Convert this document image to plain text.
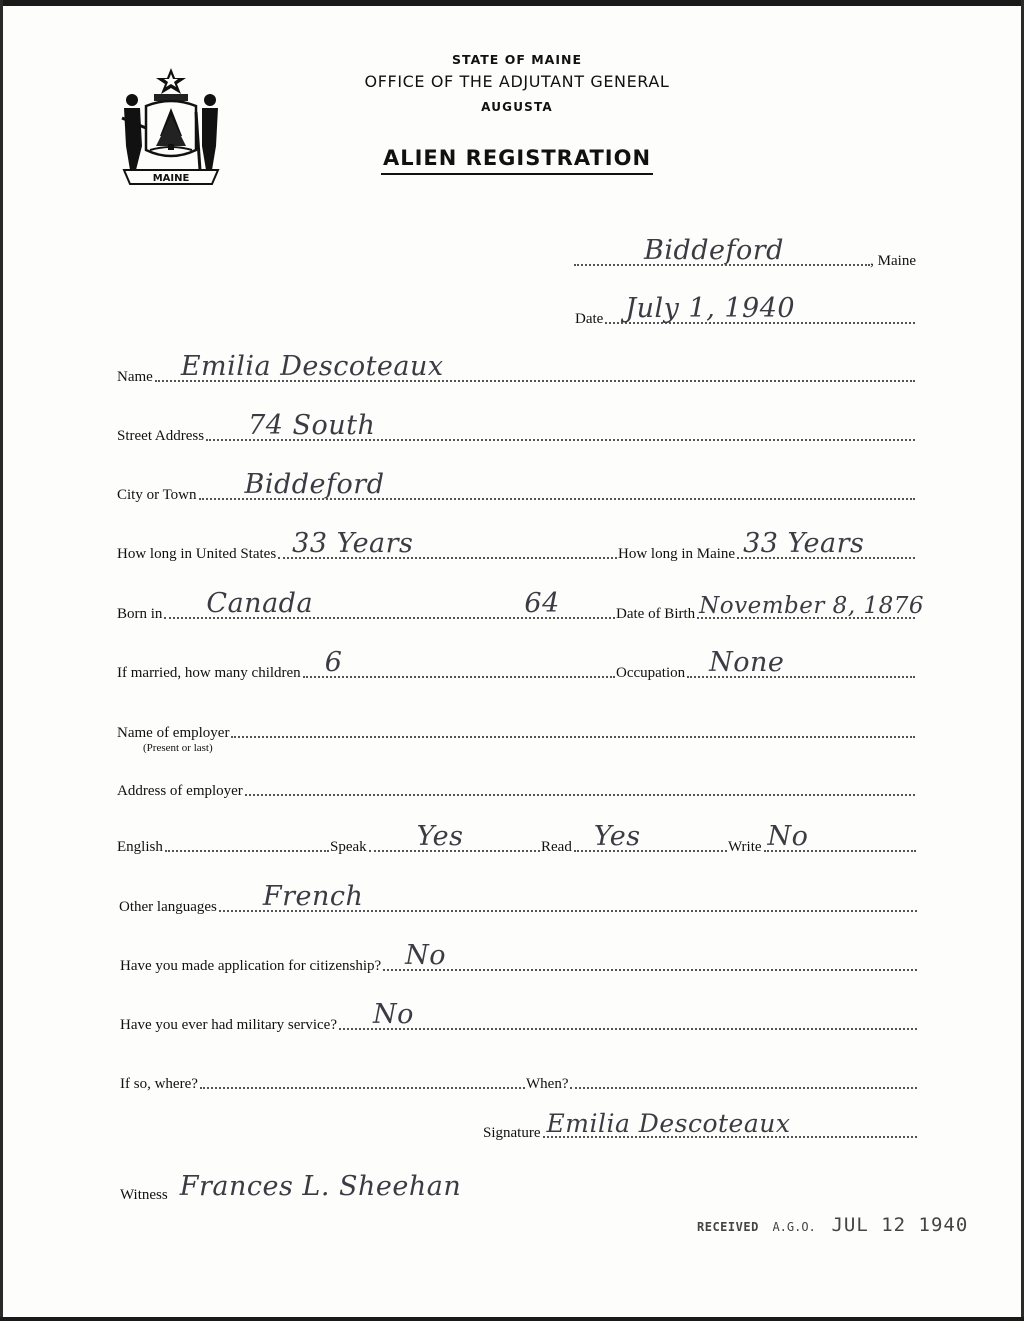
MAINE
STATE OF MAINE
OFFICE OF THE ADJUTANT GENERAL
AUGUSTA
ALIEN REGISTRATION
Biddeford	, Maine
Date July 1, 1940
Name Emilia Descoteaux
Street Address 74 South
City or Town Biddeford
How long in United States 33 Years	How long in Maine 33 Years
Born in Canada	64	Date of Birth November 8, 1876
If married, how many children 6	Occupation None
Name of employer
(Present or last)
Address of employer
English	Speak Yes	Read Yes	Write No
Other languages French
Have you made application for citizenship? No
Have you ever had military service? No
If so, where?	When?
Signature Emilia Descoteaux
Witness Frances L. Sheehan
RECEIVED A.G.O. JUL 12 1940
